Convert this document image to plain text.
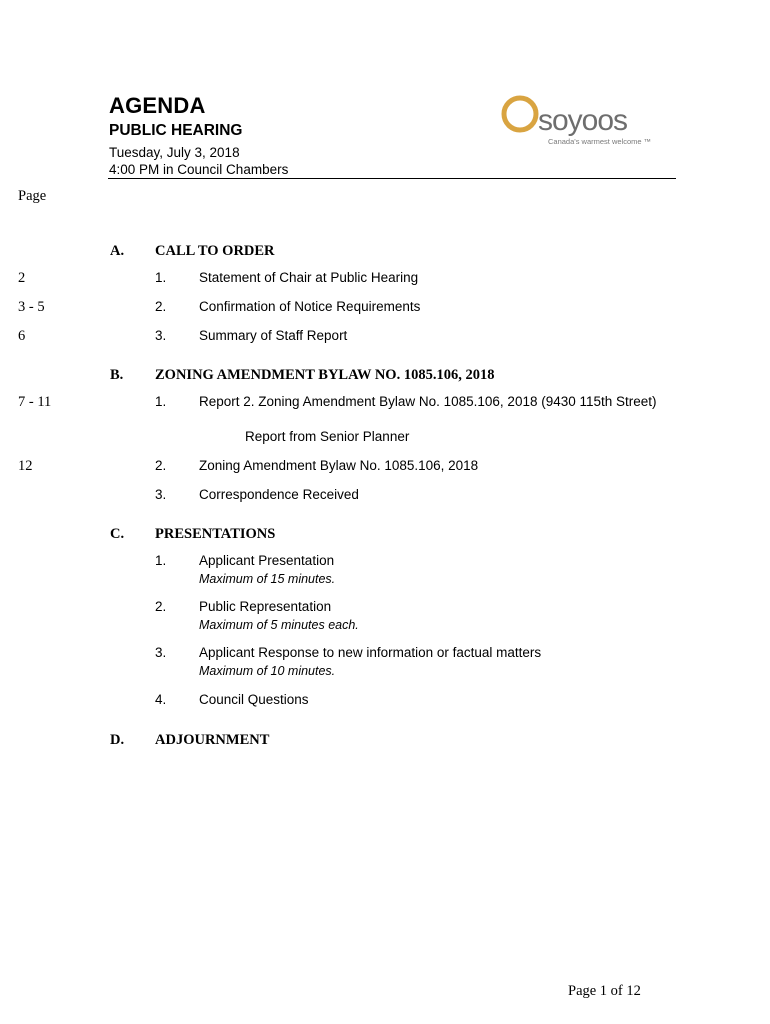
AGENDA
PUBLIC HEARING
Tuesday, July 3, 2018
4:00 PM in Council Chambers
soyoos
Canada's warmest welcome ™
Page
A. CALL TO ORDER
2	1. Statement of Chair at Public Hearing
3 - 5	2. Confirmation of Notice Requirements
6	3. Summary of Staff Report
B. ZONING AMENDMENT BYLAW NO. 1085.106, 2018
7 - 11	1. Report 2. Zoning Amendment Bylaw No. 1085.106, 2018 (9430 115th Street)
Report from Senior Planner
12	2. Zoning Amendment Bylaw No. 1085.106, 2018
3. Correspondence Received
C. PRESENTATIONS
1. Applicant Presentation
Maximum of 15 minutes.
2. Public Representation
Maximum of 5 minutes each.
3. Applicant Response to new information or factual matters
Maximum of 10 minutes.
4. Council Questions
D. ADJOURNMENT
Page 1 of 12
